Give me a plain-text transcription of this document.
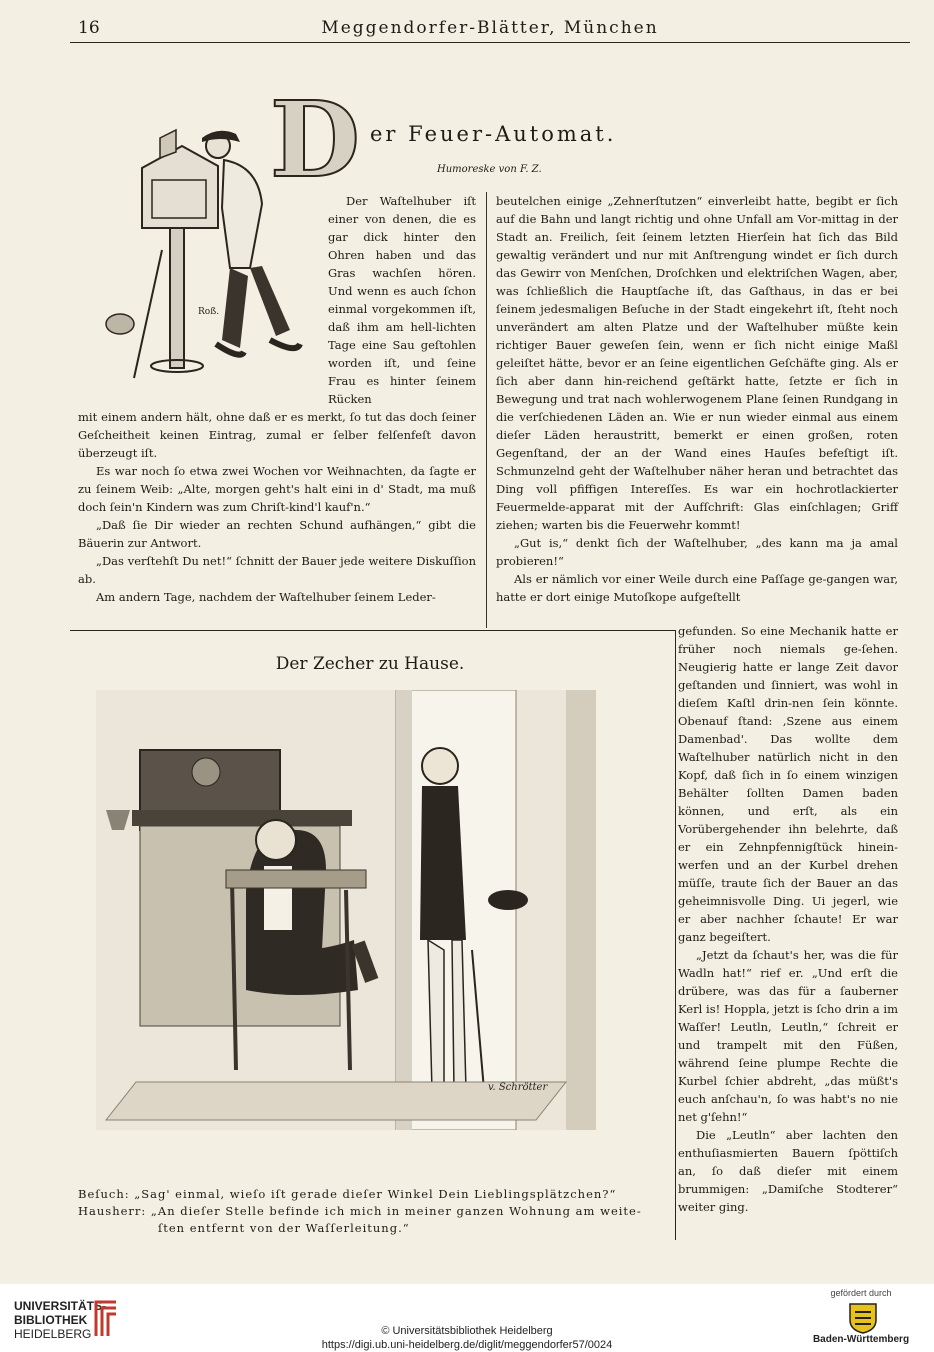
16	Meggendorfer-Blätter, München
Roß.
D er Feuer-Automat.
Humoreske von F. Z.

Der Waſtelhuber iſt einer von denen, die es gar dick hinter den Ohren haben und das Gras wachſen hören. Und wenn es auch ſchon einmal vorgekommen iſt, daß ihm am hell-lichten Tage eine Sau geſtohlen worden iſt, und ſeine Frau es hinter ſeinem Rücken

mit einem andern hält, ohne daß er es merkt, ſo tut das doch ſeiner Geſcheitheit keinen Eintrag, zumal er ſelber felſenfeſt davon überzeugt iſt.

Es war noch ſo etwa zwei Wochen vor Weihnachten, da ſagte er zu ſeinem Weib: „Alte, morgen geht's halt eini in d' Stadt, ma muß doch ſein'n Kindern was zum Chriſt-kind'l kauf'n.“

„Daß ſie Dir wieder an rechten Schund aufhängen,“ gibt die Bäuerin zur Antwort.

„Das verſtehſt Du net!“ ſchnitt der Bauer jede weitere Diskuſſion ab.

Am andern Tage, nachdem der Waſtelhuber ſeinem Leder-

beutelchen einige „Zehnerſtutzen“ einverleibt hatte, begibt er ſich auf die Bahn und langt richtig und ohne Unfall am Vor-mittag in der Stadt an. Freilich, ſeit ſeinem letzten Hierſein hat ſich das Bild gewaltig verändert und nur mit Anſtrengung windet er ſich durch das Gewirr von Menſchen, Droſchken und elektriſchen Wagen, aber, was ſchließlich die Hauptſache iſt, das Gaſthaus, in das er bei ſeinem jedesmaligen Beſuche in der Stadt eingekehrt iſt, ſteht noch unverändert am alten Platze und der Waſtelhuber müßte kein richtiger Bauer geweſen ſein, wenn er ſich nicht einige Maßl geleiſtet hätte, bevor er an ſeine eigentlichen Geſchäfte ging. Als er ſich aber dann hin-reichend geſtärkt hatte, ſetzte er ſich in Bewegung und trat nach wohlerwogenem Plane ſeinen Rundgang in die verſchiedenen Läden an. Wie er nun wieder einmal aus einem dieſer Läden heraustritt, bemerkt er einen großen, roten Gegenſtand, der an der Wand eines Hauſes befeſtigt iſt. Schmunzelnd geht der Waſtelhuber näher heran und betrachtet das Ding voll pfiffigen Intereſſes. Es war ein hochrotlackierter Feuermelde-apparat mit der Aufſchrift: Glas einſchlagen; Griff ziehen; warten bis die Feuerwehr kommt!

„Gut is,“ denkt ſich der Waſtelhuber, „des kann ma ja amal probieren!“

Als er nämlich vor einer Weile durch eine Paſſage ge-gangen war, hatte er dort einige Mutoſkope aufgeſtellt

gefunden. So eine Mechanik hatte er früher noch niemals ge-ſehen. Neugierig hatte er lange Zeit davor geſtanden und ſinniert, was wohl in dieſem Kaſtl drin-nen ſein könnte. Obenauf ſtand: ‚Szene aus einem Damenbad'. Das wollte dem Waſtelhuber natürlich nicht in den Kopf, daß ſich in ſo einem winzigen Behälter ſollten Damen baden können, und erſt, als ein Vorübergehender ihn belehrte, daß er ein Zehnpfennigſtück hinein-werfen und an der Kurbel drehen müſſe, traute ſich der Bauer an das geheimnisvolle Ding. Ui jegerl, wie er aber nachher ſchaute! Er war ganz begeiſtert.

„Jetzt da ſchaut's her, was die für Wadln hat!“ rief er. „Und erſt die drübere, was das für a ſauberner Kerl is! Hoppla, jetzt is ſcho drin a im Waſſer! Leutln, Leutln,“ ſchreit er und trampelt mit den Füßen, während ſeine plumpe Rechte die Kurbel ſchier abdreht, „das müßt's euch anſchau'n, ſo was habt's no nie net g'ſehn!“

Die „Leutln“ aber lachten den enthuſiasmierten Bauern ſpöttiſch an, ſo daß dieſer mit einem brummigen: „Damiſche Stodterer“ weiter ging.

Der Zecher zu Hause.
v. Schrötter
Beſuch: „Sag' einmal, wieſo iſt gerade dieſer Winkel Dein Lieblingsplätzchen?“
Hausherr: „An dieſer Stelle befinde ich mich in meiner ganzen Wohnung am weite-
ſten entfernt von der Waſſerleitung.“
UNIVERSITÄTS-
BIBLIOTHEK
HEIDELBERG	© Universitätsbibliothek Heidelberg
https://digi.ub.uni-heidelberg.de/diglit/meggendorfer57/0024
gefördert durch
Baden-Württemberg
